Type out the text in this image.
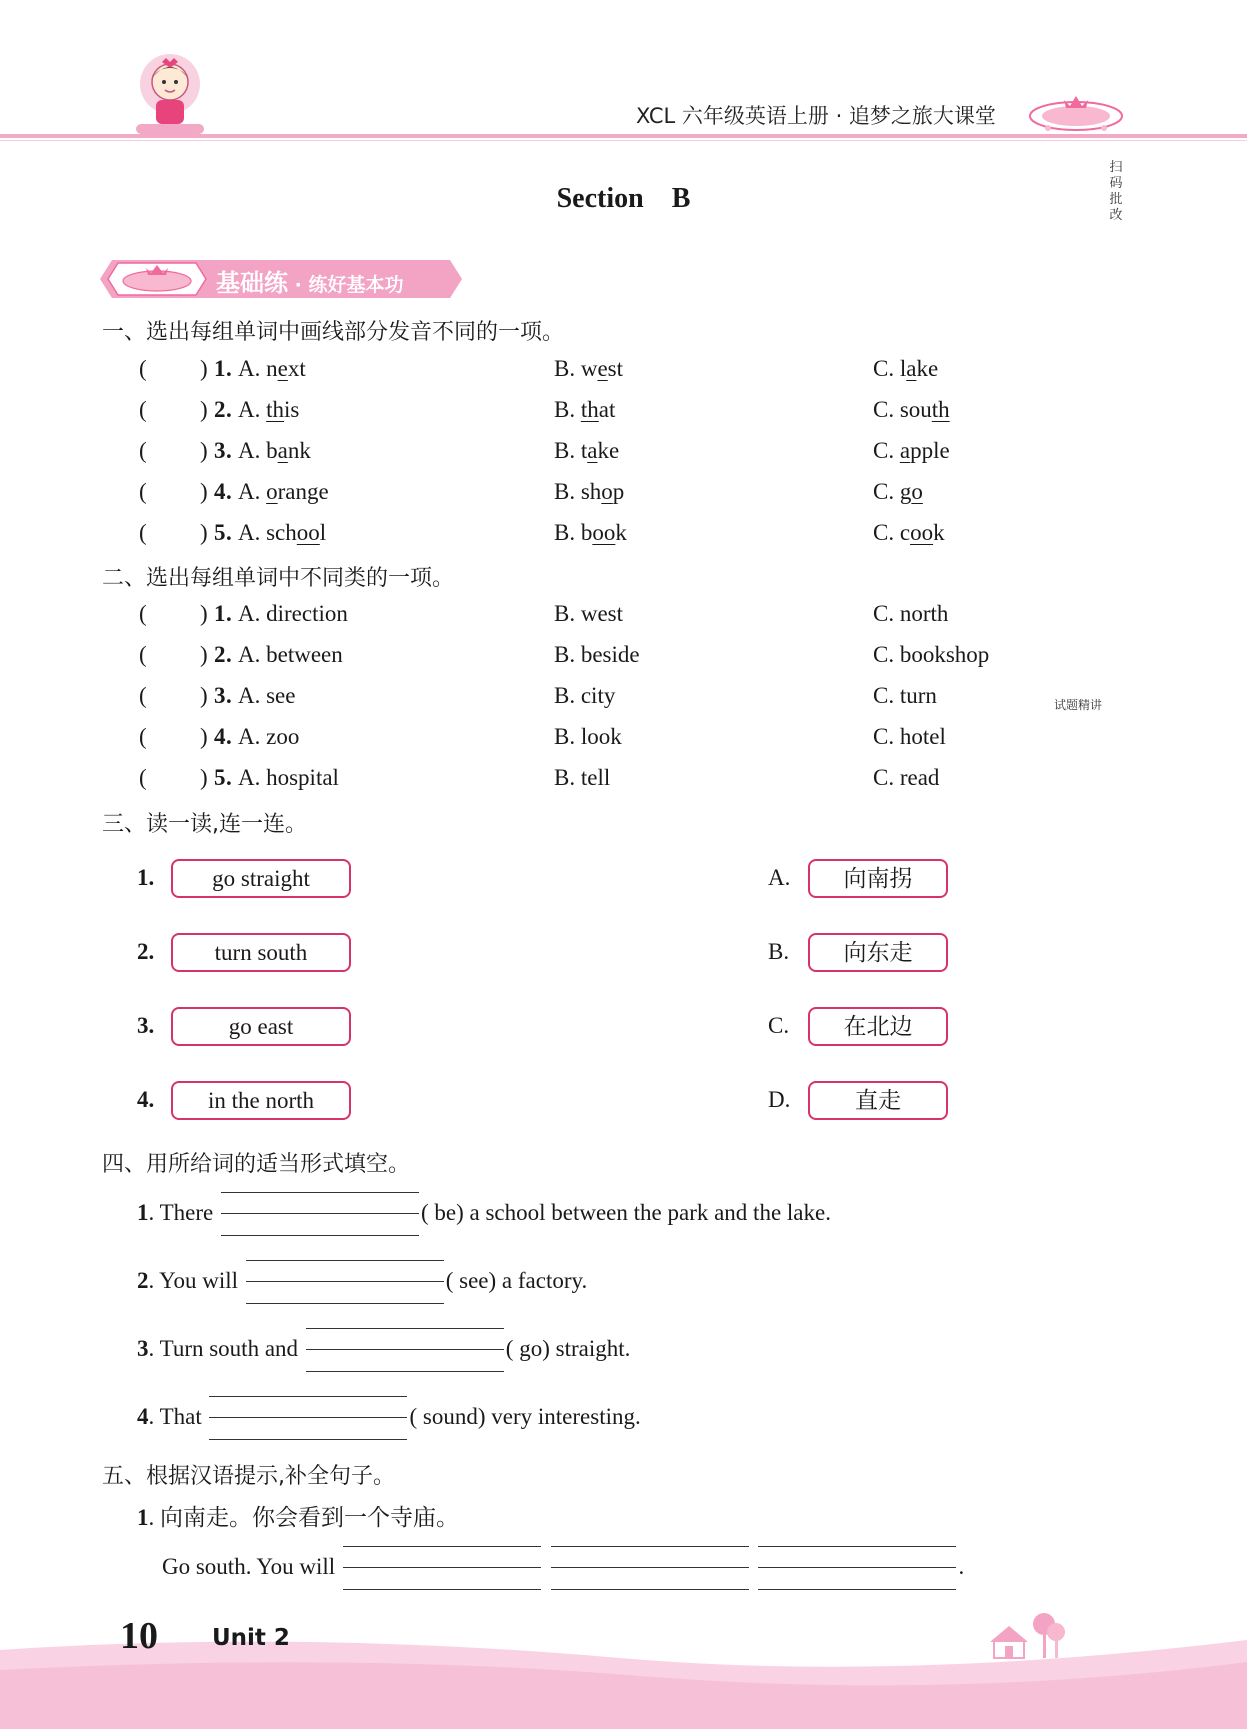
XCL 六年级英语上册 · 追梦之旅大课堂
扫码批改
试题精讲
Section　B
基础练 · 练好基本功
一、选出每组单词中画线部分发音不同的一项。
( ) 1 . A. next	B. west	C. lake
( ) 2 . A. this	B. that	C. south
( ) 3 . A. bank	B. take	C. apple
( ) 4 . A. orange	B. shop	C. go
( ) 5 . A. school	B. book	C. cook
二、选出每组单词中不同类的一项。
( ) 1 . A. direction	B. west	C. north
( ) 2 . A. between	B. beside	C. bookshop
( ) 3 . A. see	B. city	C. turn
( ) 4 . A. zoo	B. look	C. hotel
( ) 5 . A. hospital	B. tell	C. read
三、读一读,连一连。
1.	go straight	A.	向南拐
2.	turn south	B.	向东走
3.	go east	C.	在北边
4.	in the north	D.	直走
四、用所给词的适当形式填空。
1. There	( be) a school between the park and the lake.
2. You will	( see) a factory.
3. Turn south and	( go) straight.
4. That	( sound) very interesting.
五、根据汉语提示,补全句子。
1. 向南走。你会看到一个寺庙。
Go south. You will

	.
10 Unit 2
